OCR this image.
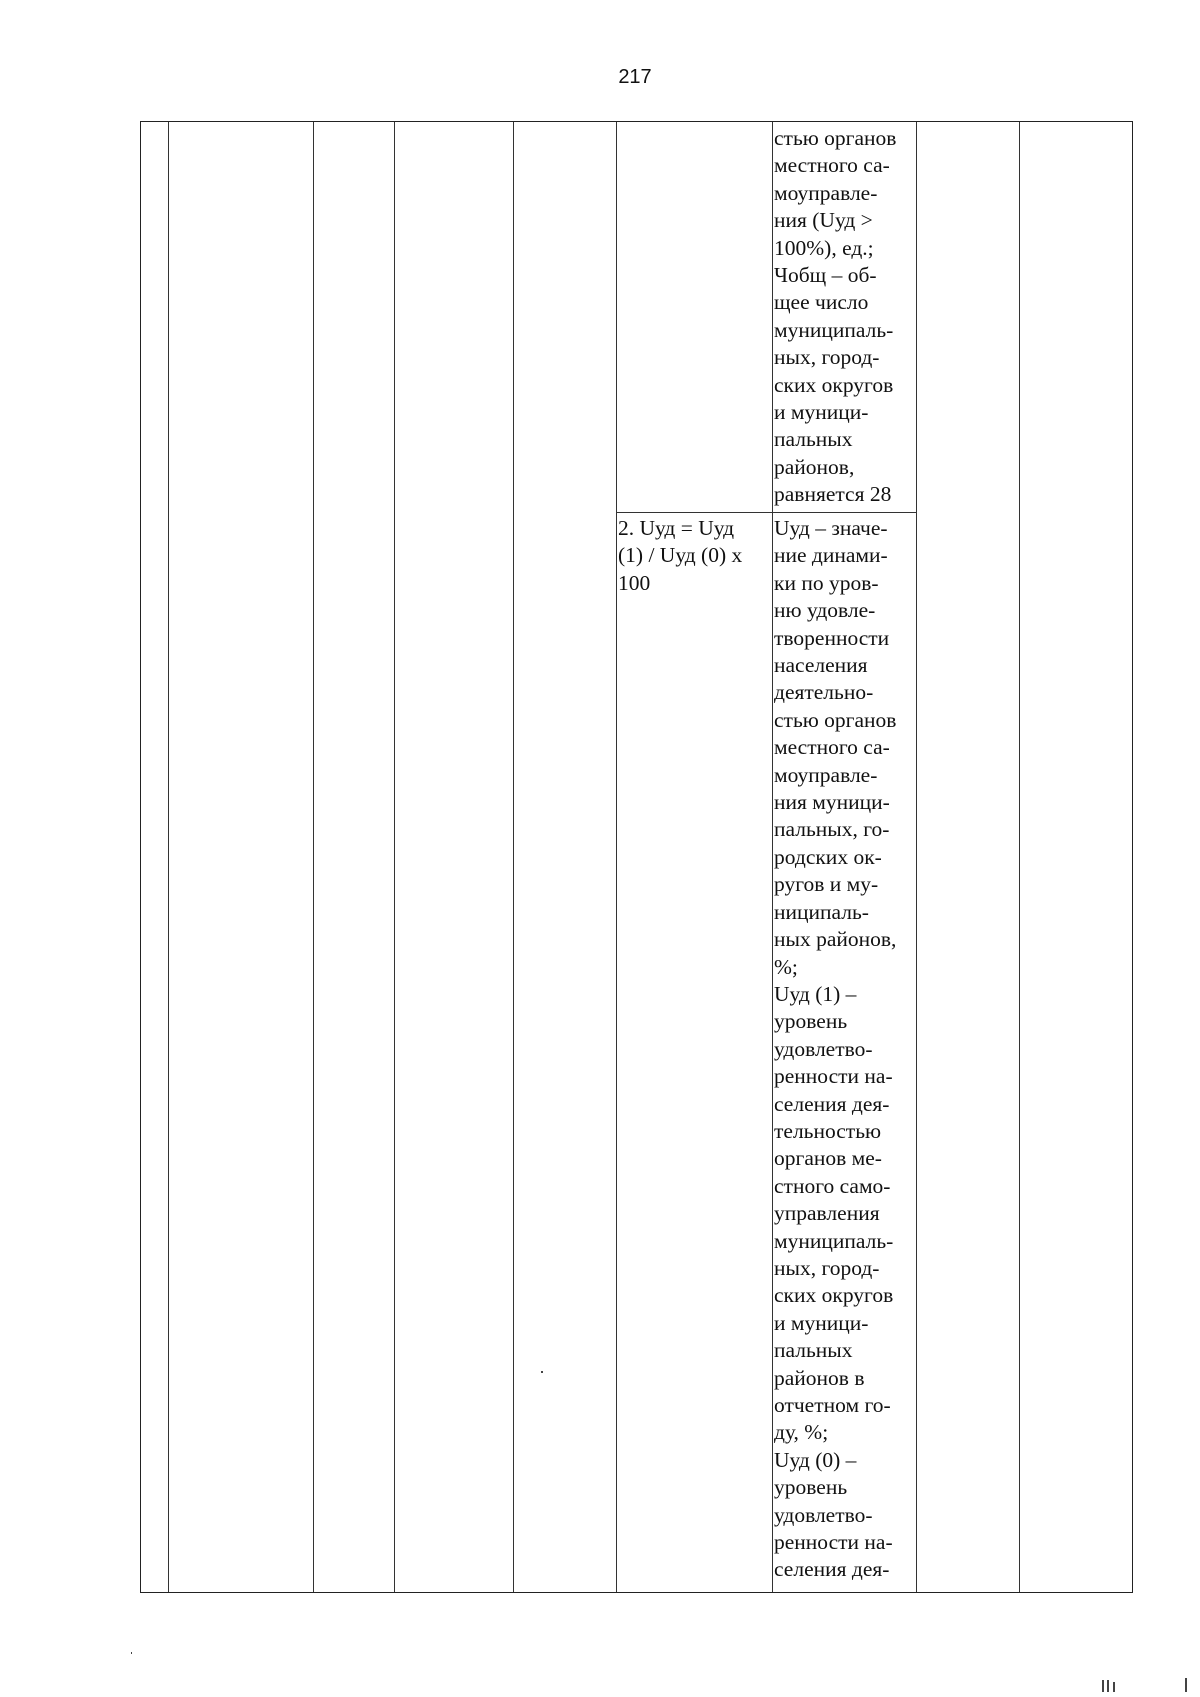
217

стью органов
местного са-
моуправле-
ния (Uуд >
100%), ед.;
Чобщ – об-
щее число
муниципаль-
ных, город-
ских округов
и муници-
пальных
районов,
равняется 28

2. Uуд = Uуд
(1) / Uуд (0) х
100

Uуд – значе-
ние динами-
ки по уров-
ню удовле-
творенности
населения
деятельно-
стью органов
местного са-
моуправле-
ния муници-
пальных, го-
родских ок-
ругов и му-
ниципаль-
ных районов,
%;
Uуд (1) –
уровень
удовлетво-
ренности на-
селения дея-
тельностью
органов ме-
стного само-
управления
муниципаль-
ных, город-
ских округов
и муници-
пальных
районов в
отчетном го-
ду, %;
Uуд (0) –
уровень
удовлетво-
ренности на-
селения дея-
